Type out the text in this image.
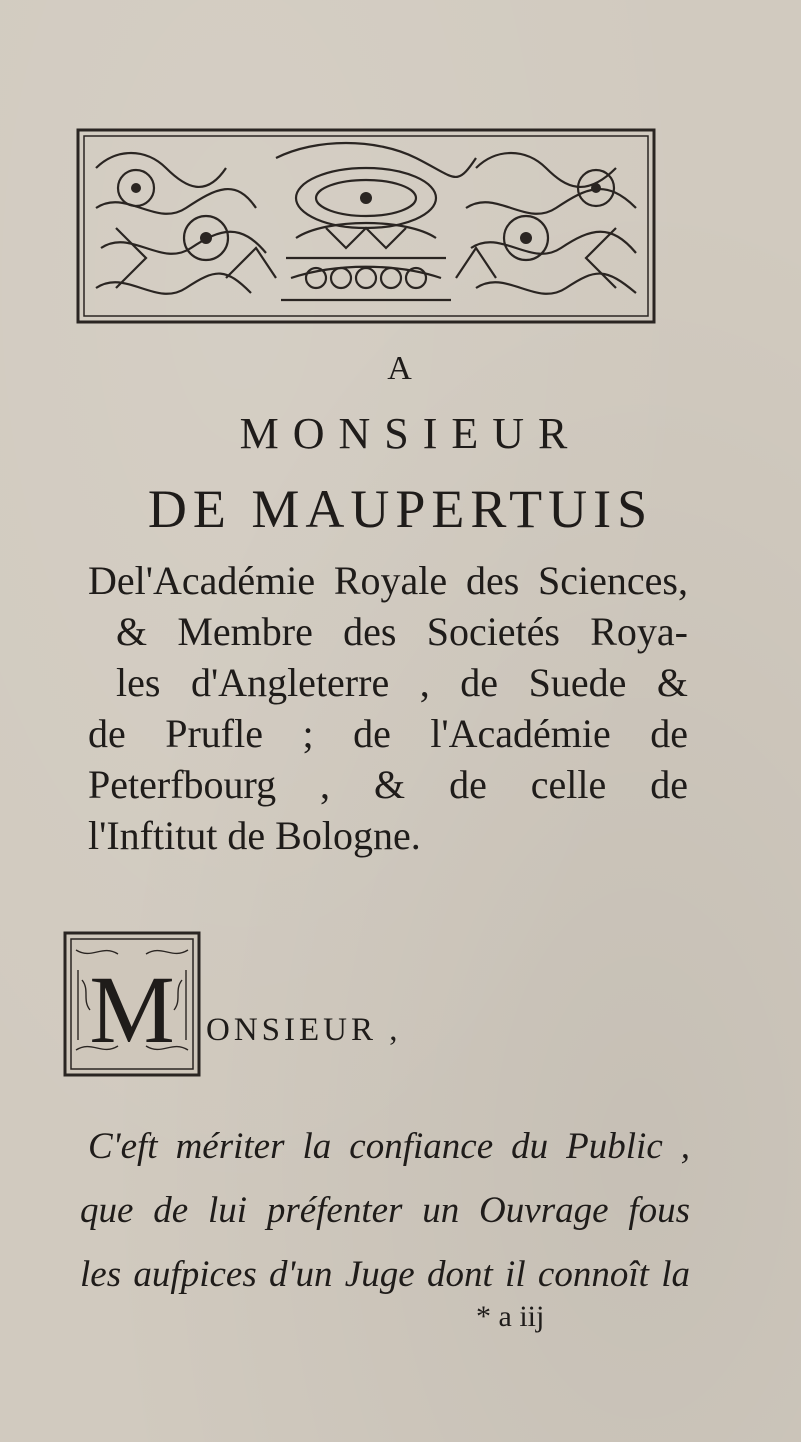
A
MONSIEUR
DE MAUPERTUIS
Del'Académie Royale des Sciences,
& Membre des Societés Roya-
les d'Angleterre , de Suede &
de Prufle ; de l'Académie de
Peterfbourg , & de celle de
l'Inftitut de Bologne.
M ONSIEUR ,
C'eft mériter la confiance du Public ,
que de lui préfenter un Ouvrage fous
les aufpices d'un Juge dont il connoît la
* a iij
